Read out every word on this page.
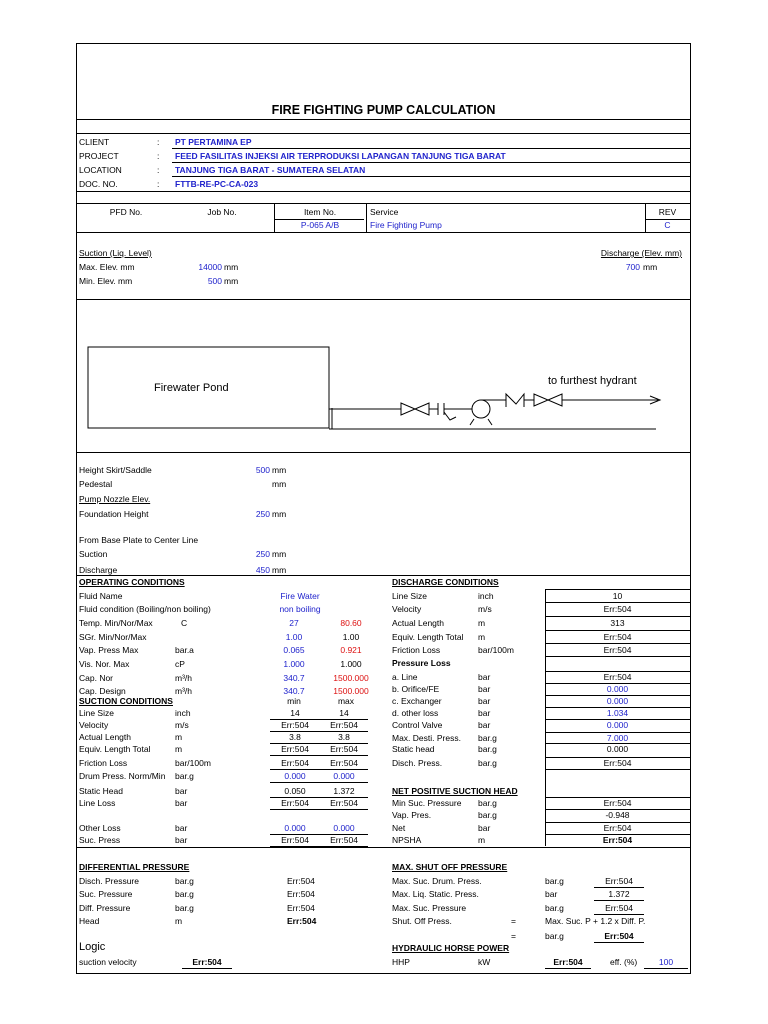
FIRE FIGHTING PUMP CALCULATION
CLIENT	: PT PERTAMINA EP
PROJECT	: FEED FASILITAS INJEKSI AIR TERPRODUKSI LAPANGAN TANJUNG TIGA BARAT
LOCATION	: TANJUNG TIGA BARAT - SUMATERA SELATAN
DOC. NO.	: FTTB-RE-PC-CA-023
PFD No.	Job No.	Item No.	Service	REV
P-065 A/B	Fire Fighting Pump	C
Suction (Liq. Level)
Max. Elev. mm	14000 mm
Min. Elev. mm	500 mm
Discharge (Elev. mm)
700 mm
Firewater Pond
to furthest hydrant
Height Skirt/Saddle	500 mm
Pedestal	mm
Pump Nozzle Elev.
Foundation Height	250 mm
From Base Plate to Center Line
Suction	250 mm
Discharge	450 mm
OPERATING CONDITIONS
Fluid Name	Fire Water
Fluid condition (Boiling/non boiling)	non boiling
Temp. Min/Nor/Max	C	27	80.60
SGr. Min/Nor/Max	1.00	1.00
Vap. Press Max	bar.a	0.065	0.921
Vis. Nor. Max	cP	1.000	1.000
Cap. Nor	m³/h	340.7	1500.000
Cap. Design	m³/h	340.7	1500.000
SUCTION CONDITIONS	min	max
Line Size	inch	14	14
Velocity	m/s	Err:504	Err:504
Actual Length	m	3.8	3.8
Equiv. Length Total	m	Err:504	Err:504
Friction Loss	bar/100m	Err:504	Err:504
Drum Press. Norm/Min bar.g	0.000	0.000
Static Head	bar	0.050	1.372
Line Loss	bar	Err:504	Err:504
Other Loss	bar	0.000	0.000
Suc. Press	bar	Err:504	Err:504
DISCHARGE CONDITIONS
Line Size	inch	10
Velocity	m/s	Err:504
Actual Length	m	313
Equiv. Length Total m	Err:504
Friction Loss	bar/100m	Err:504
Pressure Loss
a. Line	bar	Err:504
b. Orifice/FE	bar	0.000
c. Exchanger	bar	0.000
d. other loss	bar	1.034
Control Valve	bar	0.000
Max. Desti. Press. bar.g	7.000
Static head	bar.g	0.000
Disch. Press.	bar.g	Err:504
NET POSITIVE SUCTION HEAD
Min Suc. Pressure bar.g	Err:504
Vap. Pres.	bar.g	-0.948
Net	bar	Err:504
NPSHA	m	Err:504
DIFFERENTIAL PRESSURE
Disch. Pressure	bar.g	Err:504
Suc. Pressure	bar.g	Err:504
Diff. Pressure	bar.g	Err:504
Head	m	Err:504
MAX. SHUT OFF PRESSURE
Max. Suc. Drum. Press.	bar.g	Err:504
Max. Liq. Static. Press.	bar	1.372
Max. Suc. Pressure	bar.g	Err:504
Shut. Off Press.	=	Max. Suc. P + 1.2 x Diff. P.
=	bar.g	Err:504
Logic
suction velocity	Err:504
HYDRAULIC HORSE POWER
HHP	kW	Err:504	eff. (%)	100
